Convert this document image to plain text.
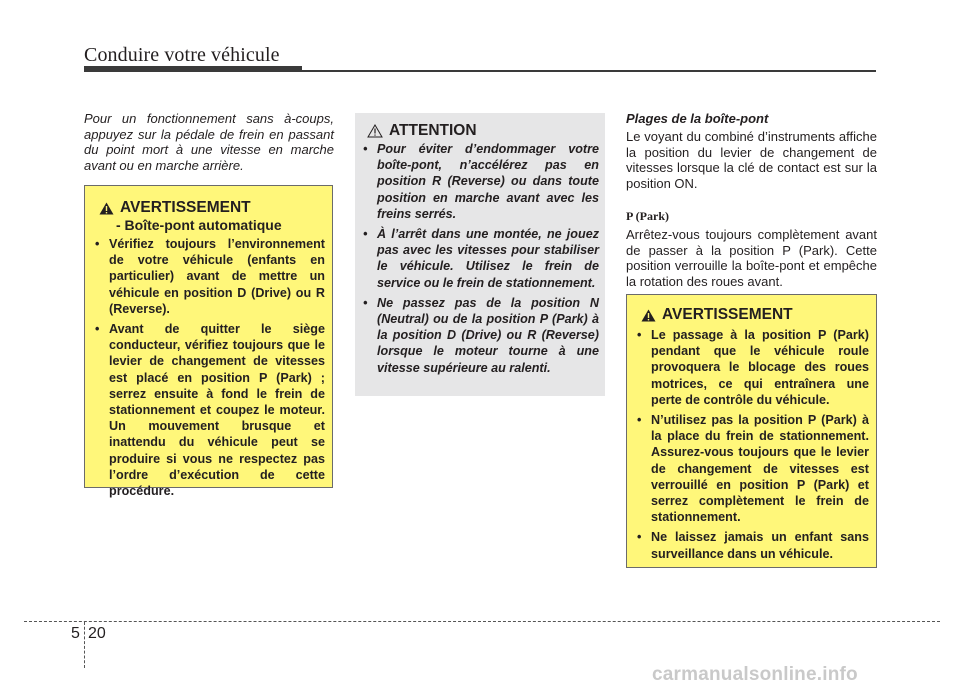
Conduire votre véhicule
Pour un fonctionnement sans à-coups, appuyez sur la pédale de frein en passant du point mort à une vitesse en marche avant ou en marche arrière.
AVERTISSEMENT
- Boîte-pont automatique
• Vérifiez toujours l’environnement de votre véhicule (enfants en particulier) avant de mettre un véhicule en position D (Drive) ou R (Reverse).
• Avant de quitter le siège conducteur, vérifiez toujours que le levier de changement de vitesses est placé en position P (Park) ; serrez ensuite à fond le frein de stationnement et coupez le moteur. Un mouvement brusque et inattendu du véhicule peut se produire si vous ne respectez pas l’ordre d’exécution de cette procédure.
ATTENTION
• Pour éviter d’endommager votre boîte-pont, n’accélérez pas en position R (Reverse) ou dans toute position en marche avant avec les freins serrés.
• À l’arrêt dans une montée, ne jouez pas avec les vitesses pour stabiliser le véhicule. Utilisez le frein de service ou le frein de stationnement.
• Ne passez pas de la position N (Neutral) ou de la position P (Park) à la position D (Drive) ou R (Reverse) lorsque le moteur tourne à une vitesse supérieure au ralenti.
Plages de la boîte-pont
Le voyant du combiné d’instruments affiche la position du levier de changement de vitesses lorsque la clé de contact est sur la position ON.
P (Park)
Arrêtez-vous toujours complètement avant de passer à la position P (Park). Cette position verrouille la boîte-pont et empêche la rotation des roues avant.
AVERTISSEMENT
• Le passage à la position P (Park) pendant que le véhicule roule provoquera le blocage des roues motrices, ce qui entraînera une perte de contrôle du véhicule.
• N’utilisez pas la position P (Park) à la place du frein de stationnement. Assurez-vous toujours que le levier de changement de vitesses est verrouillé en position P (Park) et serrez complètement le frein de stationnement.
• Ne laissez jamais un enfant sans surveillance dans un véhicule.
5 20
carmanualsonline.info
